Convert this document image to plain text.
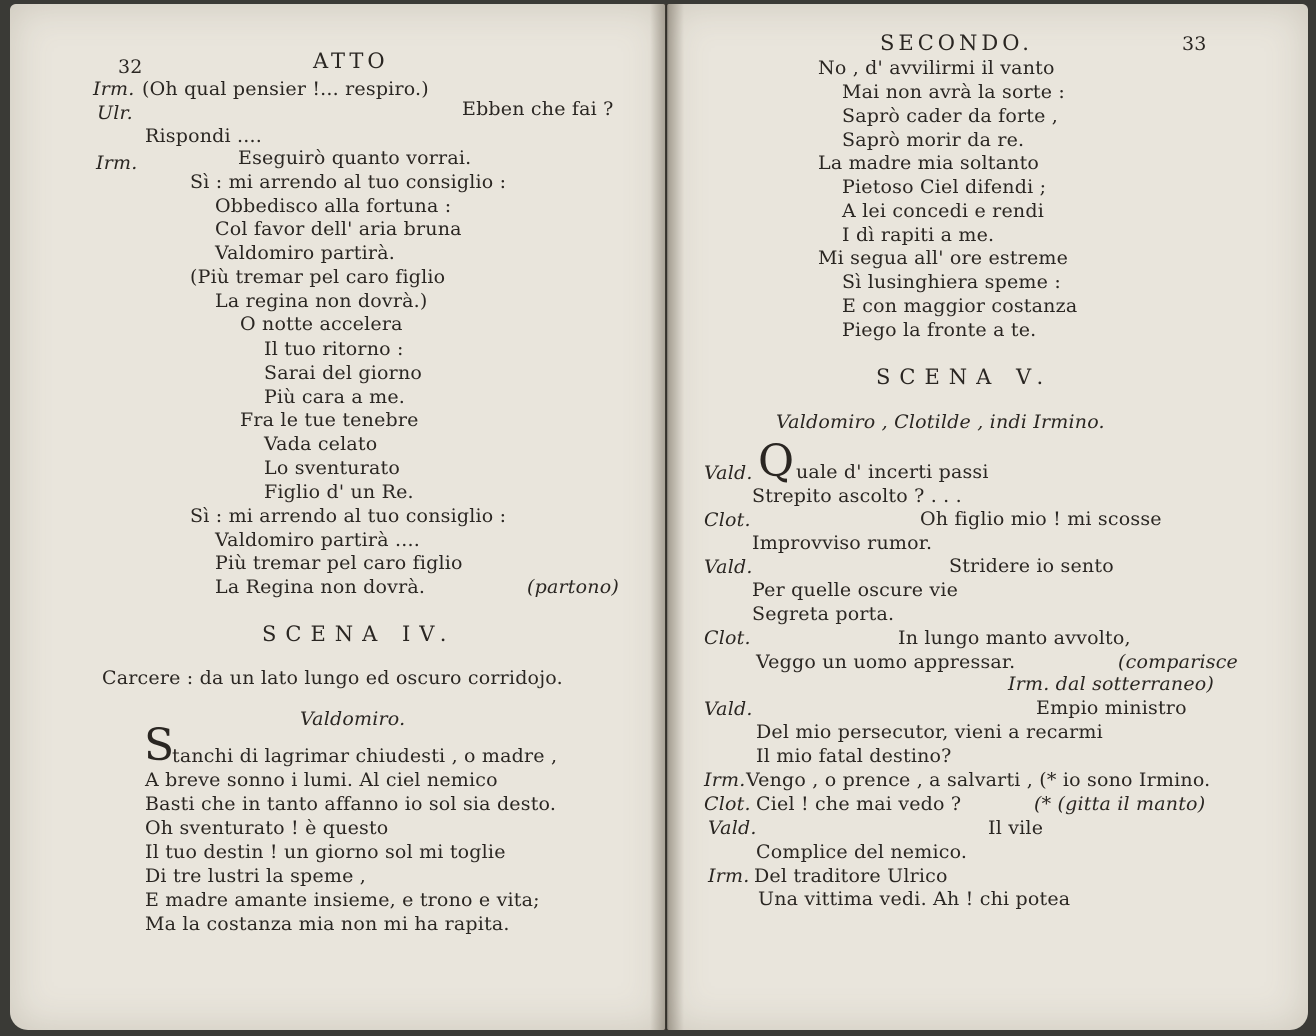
32	ATTO
Irm. (Oh qual pensier !... respiro.)
Ulr.	Ebben che fai ?
Rispondi ....
Irm.	Eseguirò quanto vorrai.
Sì : mi arrendo al tuo consiglio :
Obbedisco alla fortuna :
Col favor dell' aria bruna
Valdomiro partirà.
(Più tremar pel caro figlio
La regina non dovrà.)
O notte accelera
Il tuo ritorno :
Sarai del giorno
Più cara a me.
Fra le tue tenebre
Vada celato
Lo sventurato
Figlio d' un Re.
Sì : mi arrendo al tuo consiglio :
Valdomiro partirà ....
Più tremar pel caro figlio
La Regina non dovrà.	(partono)
SCENA IV.
Carcere : da un lato lungo ed oscuro corridojo.
Valdomiro.
S
tanchi di lagrimar chiudesti , o madre ,
A breve sonno i lumi. Al ciel nemico
Basti che in tanto affanno io sol sia desto.
Oh sventurato ! è questo
Il tuo destin ! un giorno sol mi toglie
Di tre lustri la speme ,
E madre amante insieme, e trono e vita;
Ma la costanza mia non mi ha rapita.
SECONDO.	33
No , d' avvilirmi il vanto
Mai non avrà la sorte :
Saprò cader da forte ,
Saprò morir da re.
La madre mia soltanto
Pietoso Ciel difendi ;
A lei concedi e rendi
I dì rapiti a me.
Mi segua all' ore estreme
Sì lusinghiera speme :
E con maggior costanza
Piego la fronte a te.
SCENA V.
Valdomiro , Clotilde , indi Irmino.
Vald. Q uale d' incerti passi
Strepito ascolto ? . . .
Clot.	Oh figlio mio ! mi scosse
Improvviso rumor.
Vald.	Stridere io sento
Per quelle oscure vie
Segreta porta.
Clot.	In lungo manto avvolto,
Veggo un uomo appressar.	(comparisce
Irm. dal sotterraneo)
Vald.	Empio ministro
Del mio persecutor, vieni a recarmi
Il mio fatal destino?
Irm. Vengo , o prence , a salvarti , (* io sono Irmino.
Clot. Ciel ! che mai vedo ?	(* (gitta il manto)
Vald.	Il vile
Complice del nemico.
Irm. Del traditore Ulrico
Una vittima vedi. Ah ! chi potea
